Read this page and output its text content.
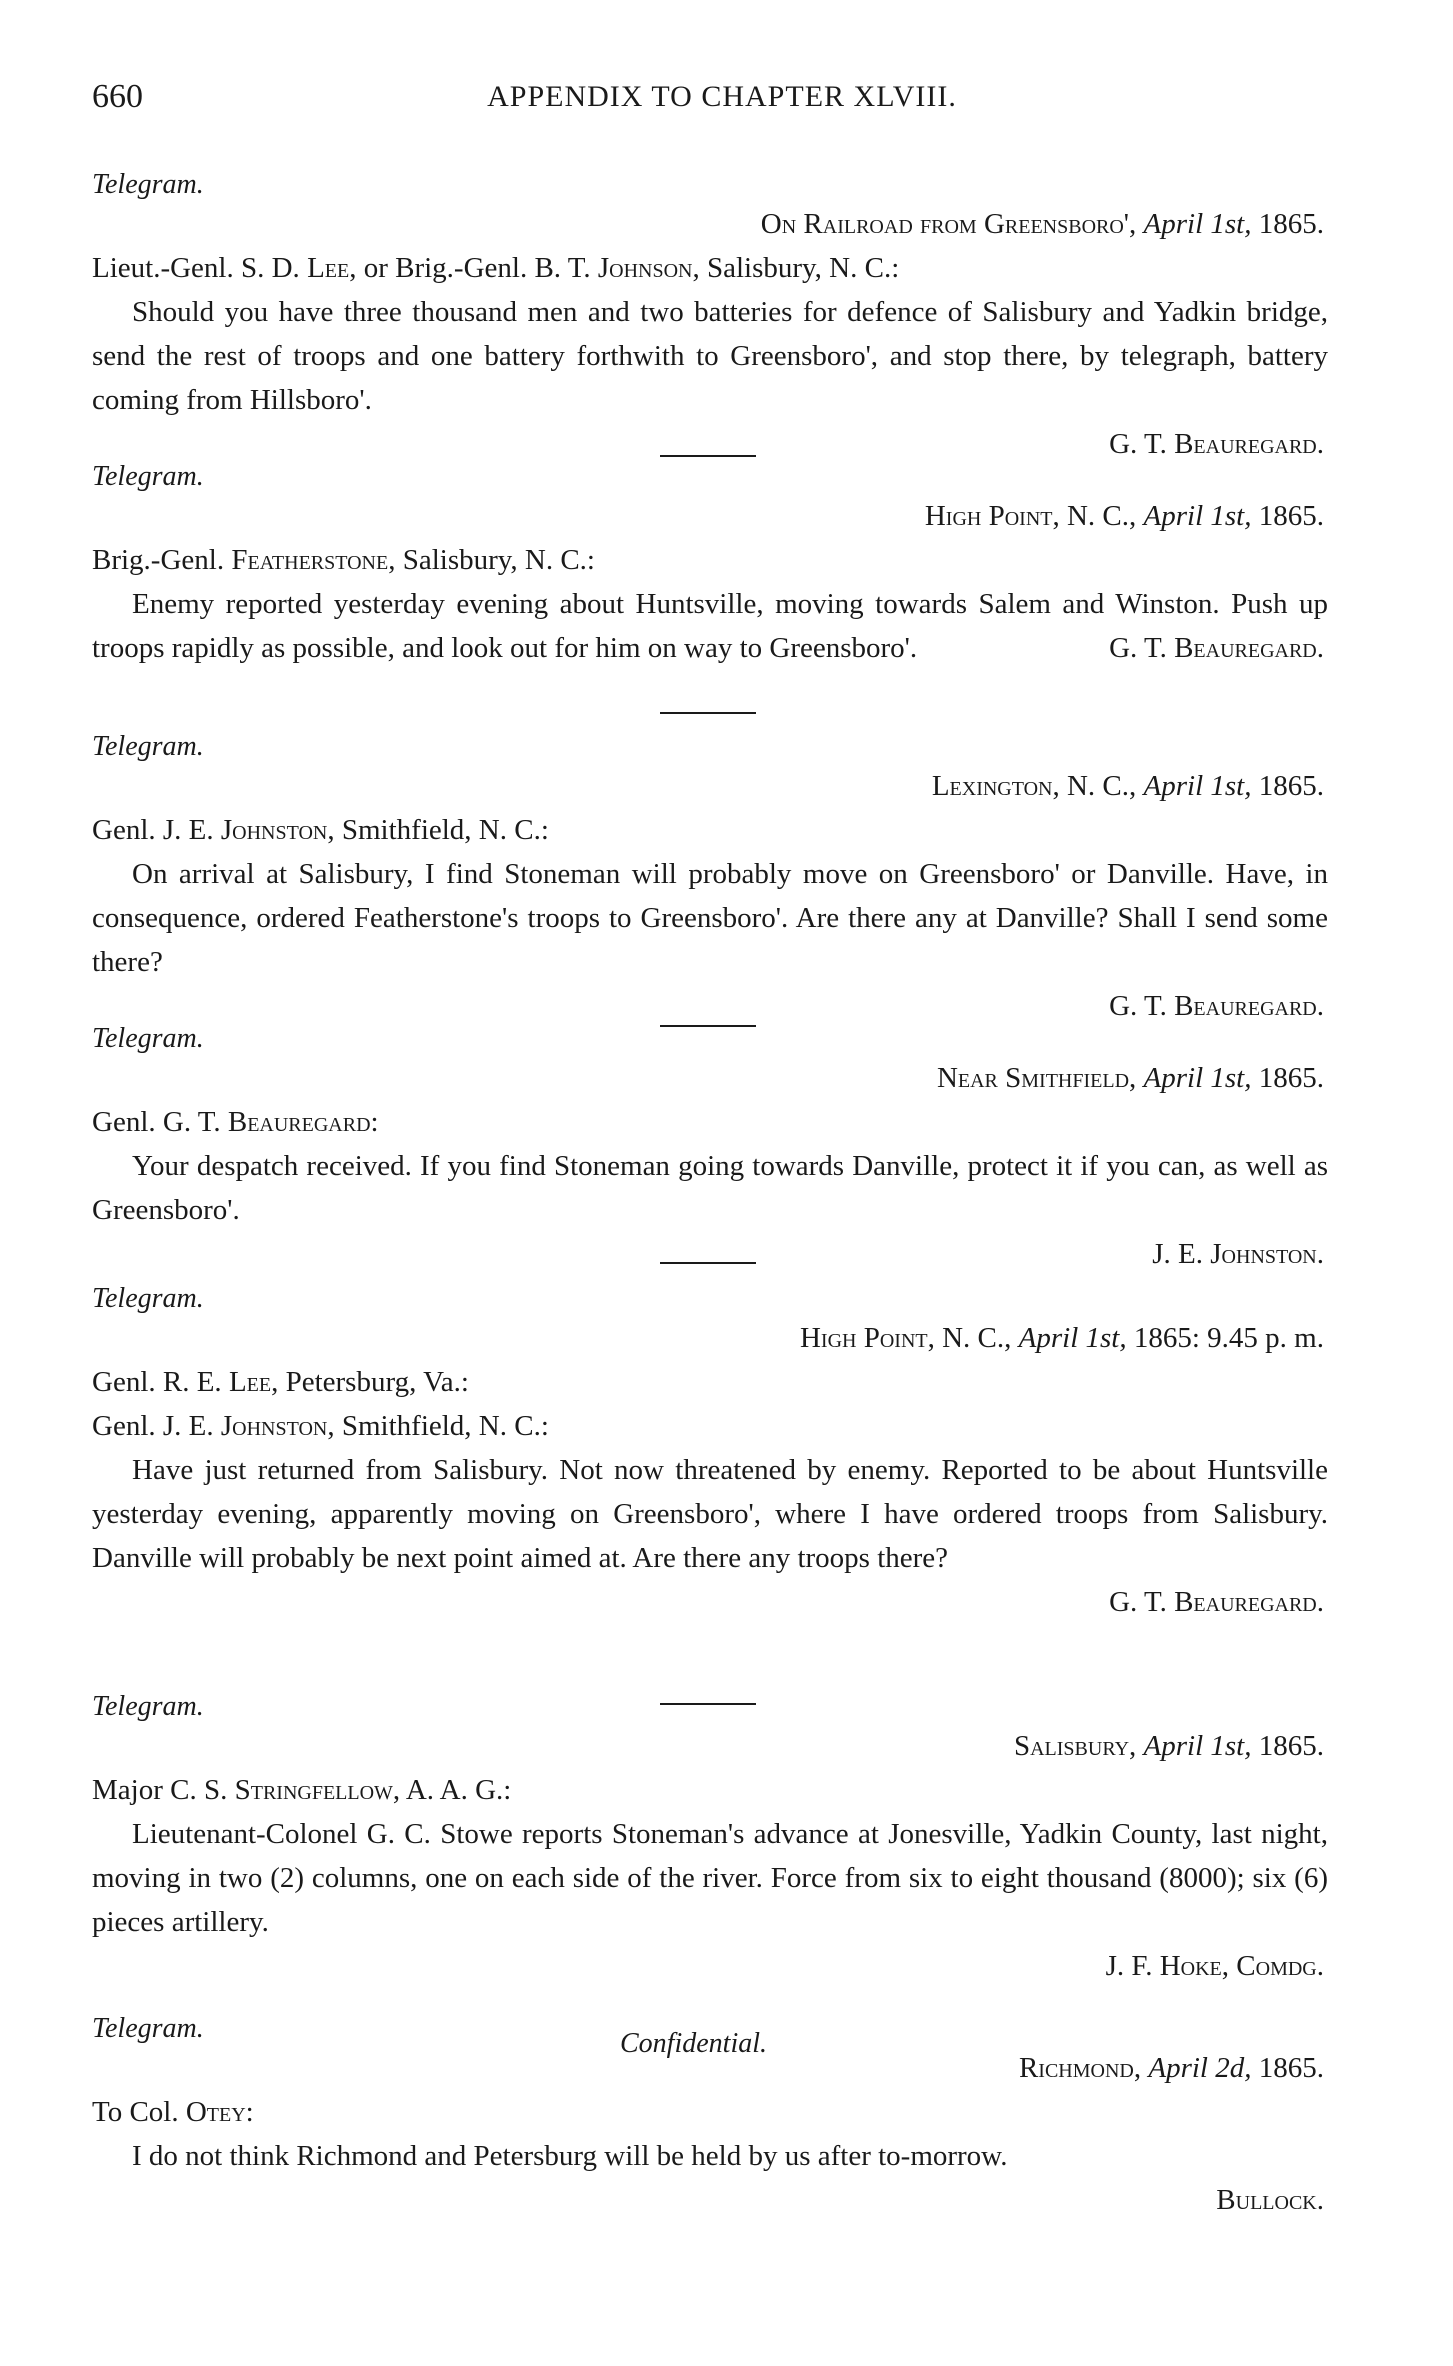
660	APPENDIX TO CHAPTER XLVIII.
Telegram.
On Railroad from Greensboro', April 1st, 1865.
Lieut.-Genl. S. D. Lee, or Brig.-Genl. B. T. Johnson, Salisbury, N. C.:
Should you have three thousand men and two batteries for defence of Salisbury and Yadkin bridge, send the rest of troops and one battery forthwith to Greensboro', and stop there, by telegraph, battery coming from Hillsboro'.
G. T. Beauregard.
Telegram.
High Point, N. C., April 1st, 1865.
Brig.-Genl. Featherstone, Salisbury, N. C.:
Enemy reported yesterday evening about Huntsville, moving towards Salem and Winston. Push up troops rapidly as possible, and look out for him on way to Greensboro'.	G. T. Beauregard.
Telegram.
Lexington, N. C., April 1st, 1865.
Genl. J. E. Johnston, Smithfield, N. C.:
On arrival at Salisbury, I find Stoneman will probably move on Greensboro' or Danville. Have, in consequence, ordered Featherstone's troops to Greensboro'. Are there any at Danville? Shall I send some there?
G. T. Beauregard.
Telegram.
Near Smithfield, April 1st, 1865.
Genl. G. T. Beauregard:
Your despatch received. If you find Stoneman going towards Danville, protect it if you can, as well as Greensboro'.
J. E. Johnston.
Telegram.
High Point, N. C., April 1st, 1865: 9.45 p. m.
Genl. R. E. Lee, Petersburg, Va.:
Genl. J. E. Johnston, Smithfield, N. C.:
Have just returned from Salisbury. Not now threatened by enemy. Reported to be about Huntsville yesterday evening, apparently moving on Greensboro', where I have ordered troops from Salisbury. Danville will probably be next point aimed at. Are there any troops there?
G. T. Beauregard.
Telegram.
Salisbury, April 1st, 1865.
Major C. S. Stringfellow, A. A. G.:
Lieutenant-Colonel G. C. Stowe reports Stoneman's advance at Jonesville, Yadkin County, last night, moving in two (2) columns, one on each side of the river. Force from six to eight thousand (8000); six (6) pieces artillery.
J. F. Hoke, Comdg.
Confidential.
Telegram.
Richmond, April 2d, 1865.
To Col. Otey:
I do not think Richmond and Petersburg will be held by us after to-morrow.
Bullock.
